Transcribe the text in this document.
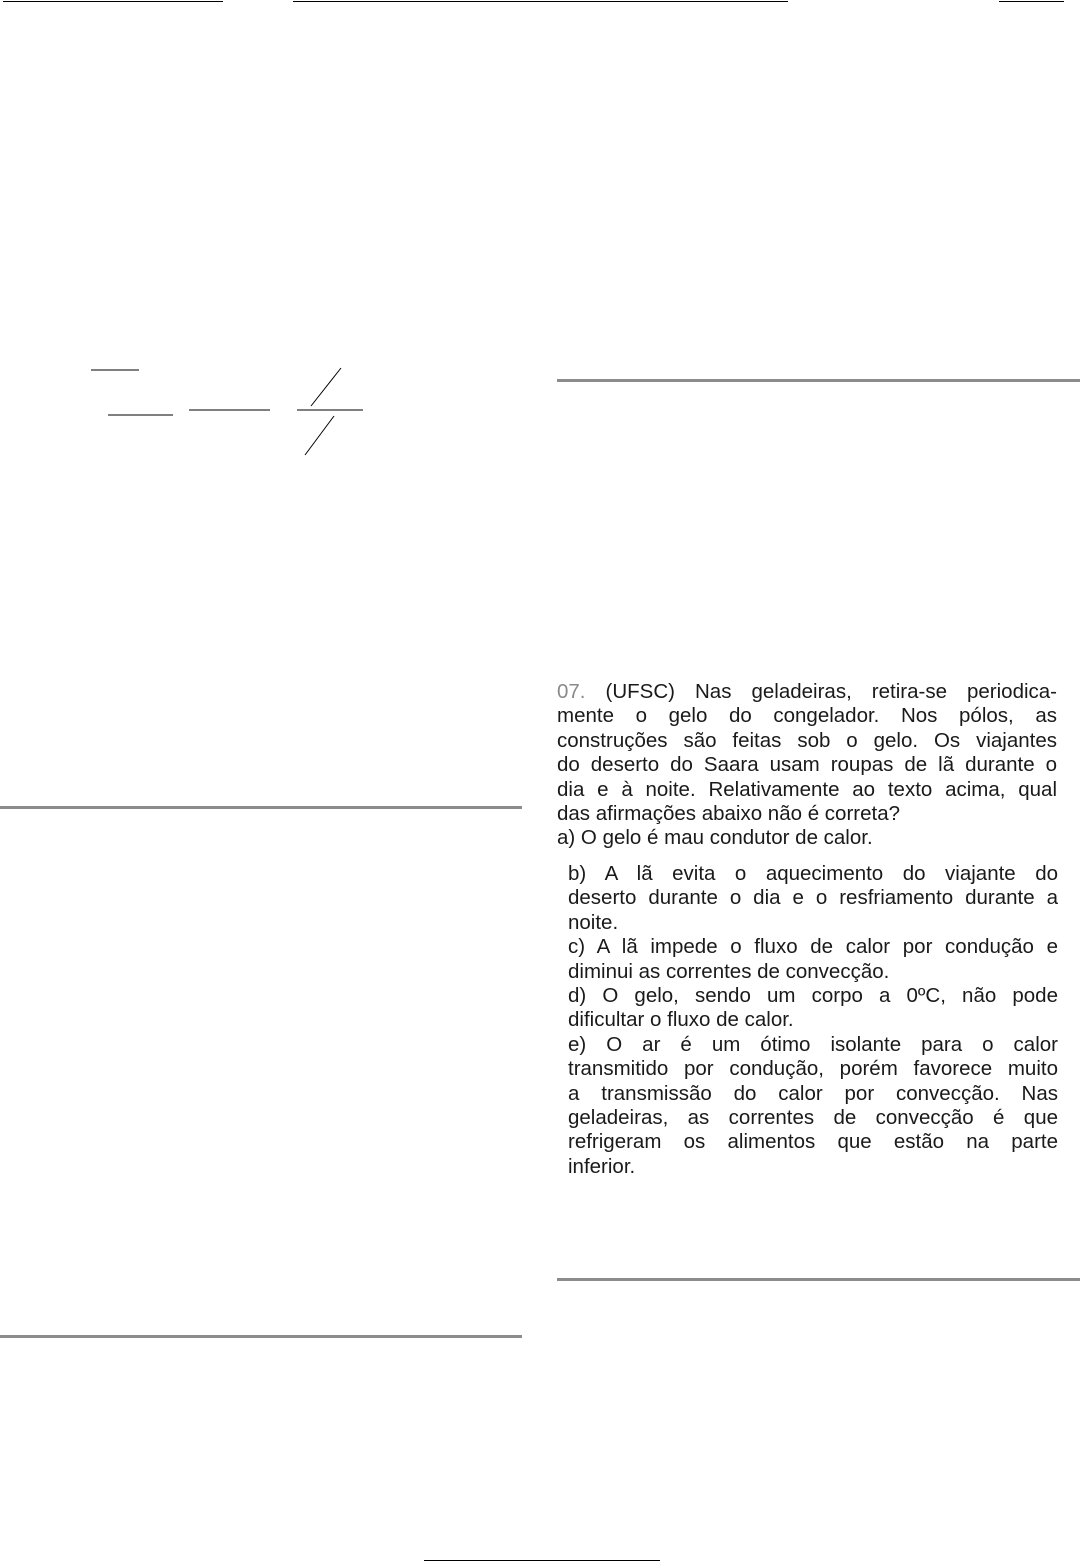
07. (UFSC) Nas geladeiras, retira-se periodica-
mente o gelo do congelador. Nos pólos, as
construções são feitas sob o gelo. Os viajantes
do deserto do Saara usam roupas de lã durante o
dia e à noite. Relativamente ao texto acima, qual
das afirmações abaixo não é correta?
a) O gelo é mau condutor de calor.
b) A lã evita o aquecimento do viajante do
deserto durante o dia e o resfriamento durante a
noite.
c) A lã impede o fluxo de calor por condução e
diminui as correntes de convecção.
d) O gelo, sendo um corpo a 0ºC, não pode
dificultar o fluxo de calor.
e) O ar é um ótimo isolante para o calor
transmitido por condução, porém favorece muito
a transmissão do calor por convecção. Nas
geladeiras, as correntes de convecção é que
refrigeram os alimentos que estão na parte
inferior.
